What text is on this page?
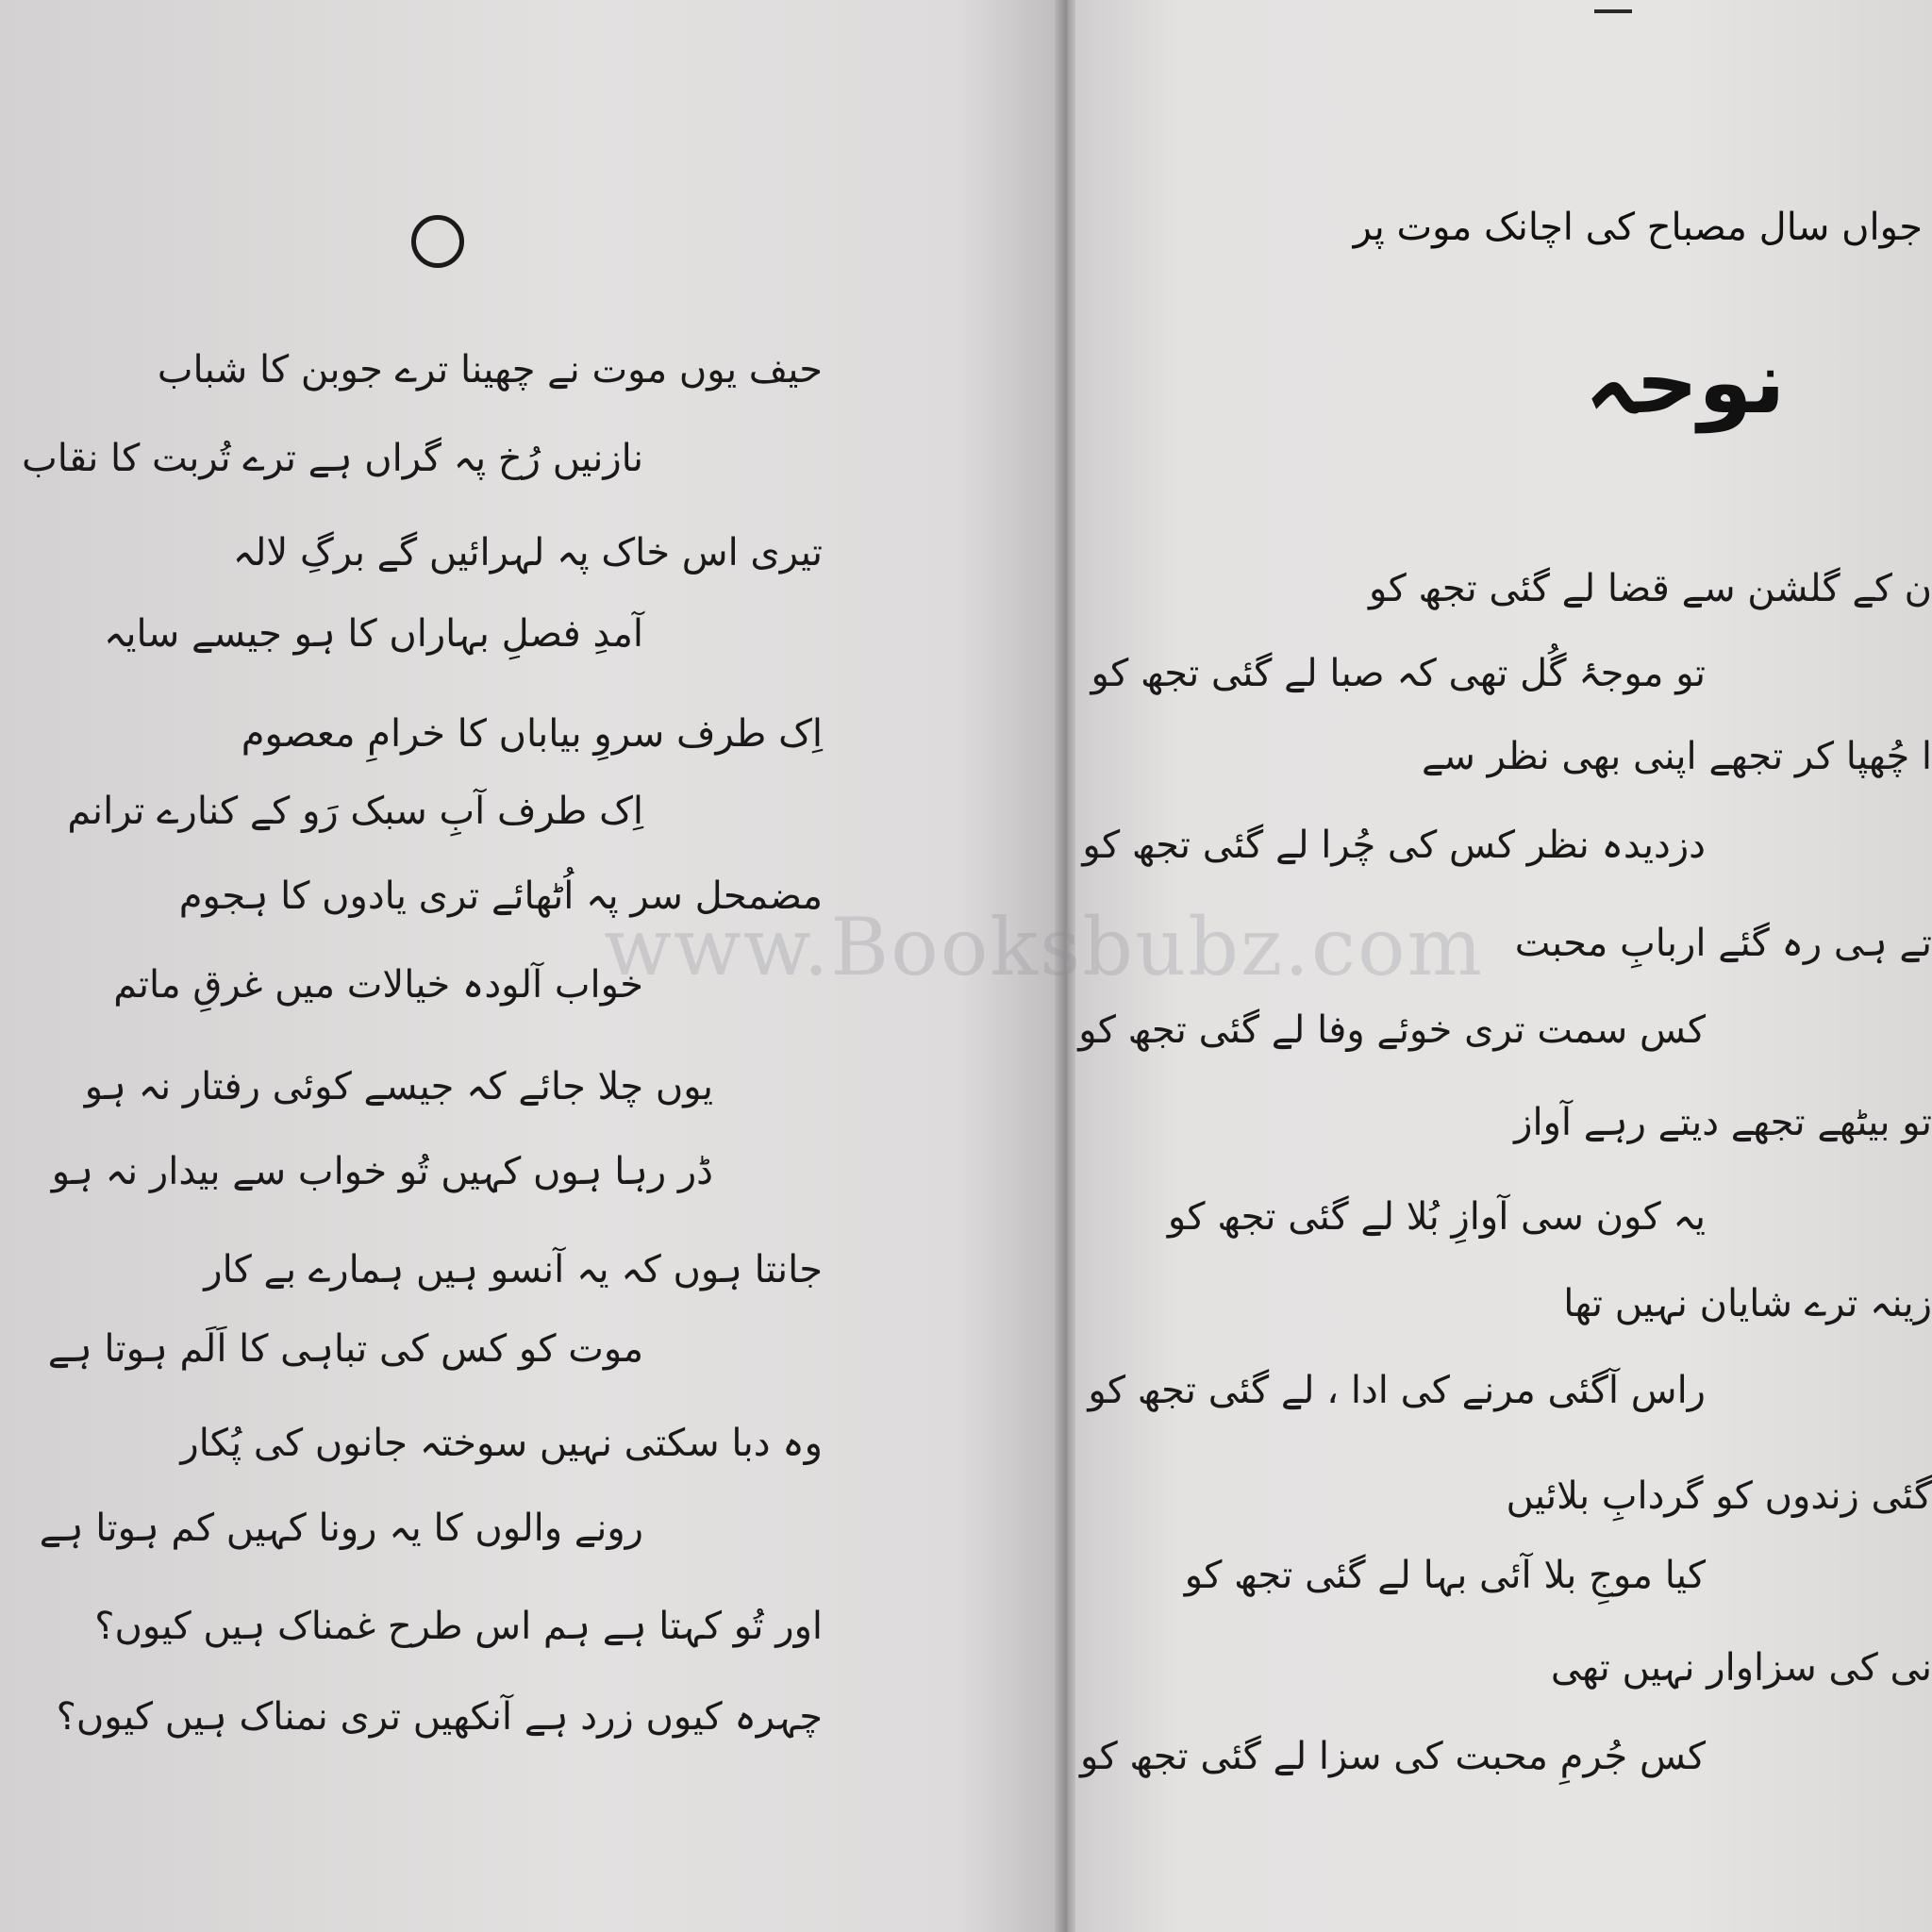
حیف یوں موت نے چھینا ترے جوبن کا شباب
نازنیں رُخ پہ گراں ہے ترے تُربت کا نقاب
تیری اس خاک پہ لہرائیں گے برگِ لالہ
آمدِ فصلِ بہاراں کا ہو جیسے سایہ
اِک طرف سروِ بیاباں کا خرامِ معصوم
اِک طرف آبِ سبک رَو کے کنارے ترانم
مضمحل سر پہ اُٹھائے تری یادوں کا ہجوم
خواب آلودہ خیالات میں غرقِ ماتم
یوں چلا جائے کہ جیسے کوئی رفتار نہ ہو
ڈر رہا ہوں کہیں تُو خواب سے بیدار نہ ہو
جانتا ہوں کہ یہ آنسو ہیں ہمارے بے کار
موت کو کس کی تباہی کا اَلَم ہوتا ہے
وہ دبا سکتی نہیں سوختہ جانوں کی پُکار
رونے والوں کا یہ رونا کہیں کم ہوتا ہے
اور تُو کہتا ہے ہم اس طرح غمناک ہیں کیوں؟
چہرہ کیوں زرد ہے آنکھیں تری نمناک ہیں کیوں؟
جواں سال مصباح کی اچانک موت پر
نوحہ
ن کے گلشن سے قضا لے گئی تجھ کو
تو موجۂ گُل تھی کہ صبا لے گئی تجھ کو
ا چُھپا کر تجھے اپنی بھی نظر سے
دزدیدہ نظر کس کی چُرا لے گئی تجھ کو
تے ہی رہ گئے اربابِ محبت
کس سمت تری خوئے وفا لے گئی تجھ کو
تو بیٹھے تجھے دیتے رہے آواز
یہ کون سی آوازِ بُلا لے گئی تجھ کو
زینہ ترے شایان نہیں تھا
راس آگئی مرنے کی ادا ، لے گئی تجھ کو
گئی زندوں کو گردابِ بلائیں
کیا موجِ بلا آئی بہا لے گئی تجھ کو
نی کی سزاوار نہیں تھی
کس جُرمِ محبت کی سزا لے گئی تجھ کو
www.Booksbubz.com
